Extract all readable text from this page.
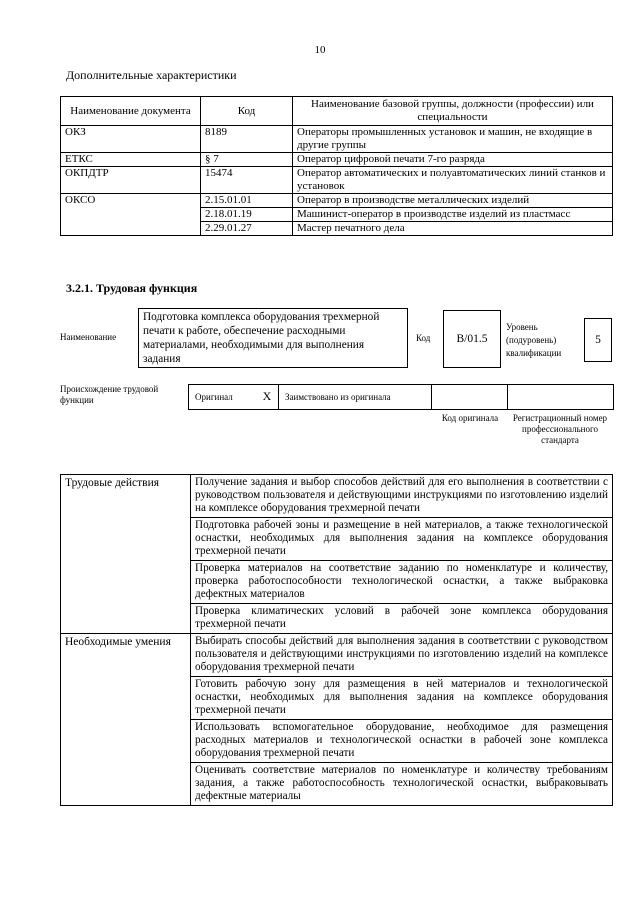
10
Дополнительные характеристики
Наименование документа	Код	Наименование базовой группы, должности (профессии) или специальности
ОКЗ	8189	Операторы промышленных установок и машин, не входящие в другие группы
ЕТКС	§ 7	Оператор цифровой печати 7-го разряда
ОКПДТР	15474	Оператор автоматических и полуавтоматических линий станков и установок
ОКСО	2.15.01.01	Оператор в производстве металлических изделий
	2.18.01.19	Машинист-оператор в производстве изделий из пластмасс
	2.29.01.27	Мастер печатного дела
3.2.1. Трудовая функция
Наименование
Подготовка комплекса оборудования трехмерной печати к работе, обеспечение расходными материалами, необходимыми для выполнения задания
Код	B/01.5
Уровень (подуровень) квалификации
5
Происхождение трудовой функции	Оригинал	X	Заимствовано из оригинала
Код оригинала	Регистрационный номер профессионального стандарта
Трудовые действия	Получение задания и выбор способов действий для его выполнения в соответствии с руководством пользователя и действующими инструкциями по изготовлению изделий на комплексе оборудования трехмерной печати
	Подготовка рабочей зоны и размещение в ней материалов, а также технологической оснастки, необходимых для выполнения задания на комплексе оборудования трехмерной печати
	Проверка материалов на соответствие заданию по номенклатуре и количеству, проверка работоспособности технологической оснастки, а также выбраковка дефектных материалов
	Проверка климатических условий в рабочей зоне комплекса оборудования трехмерной печати
Необходимые умения	Выбирать способы действий для выполнения задания в соответствии с руководством пользователя и действующими инструкциями по изготовлению изделий на комплексе оборудования трехмерной печати
	Готовить рабочую зону для размещения в ней материалов и технологической оснастки, необходимых для выполнения задания на комплексе оборудования трехмерной печати
	Использовать вспомогательное оборудование, необходимое для размещения расходных материалов и технологической оснастки в рабочей зоне комплекса оборудования трехмерной печати
	Оценивать соответствие материалов по номенклатуре и количеству требованиям задания, а также работоспособность технологической оснастки, выбраковывать дефектные материалы
